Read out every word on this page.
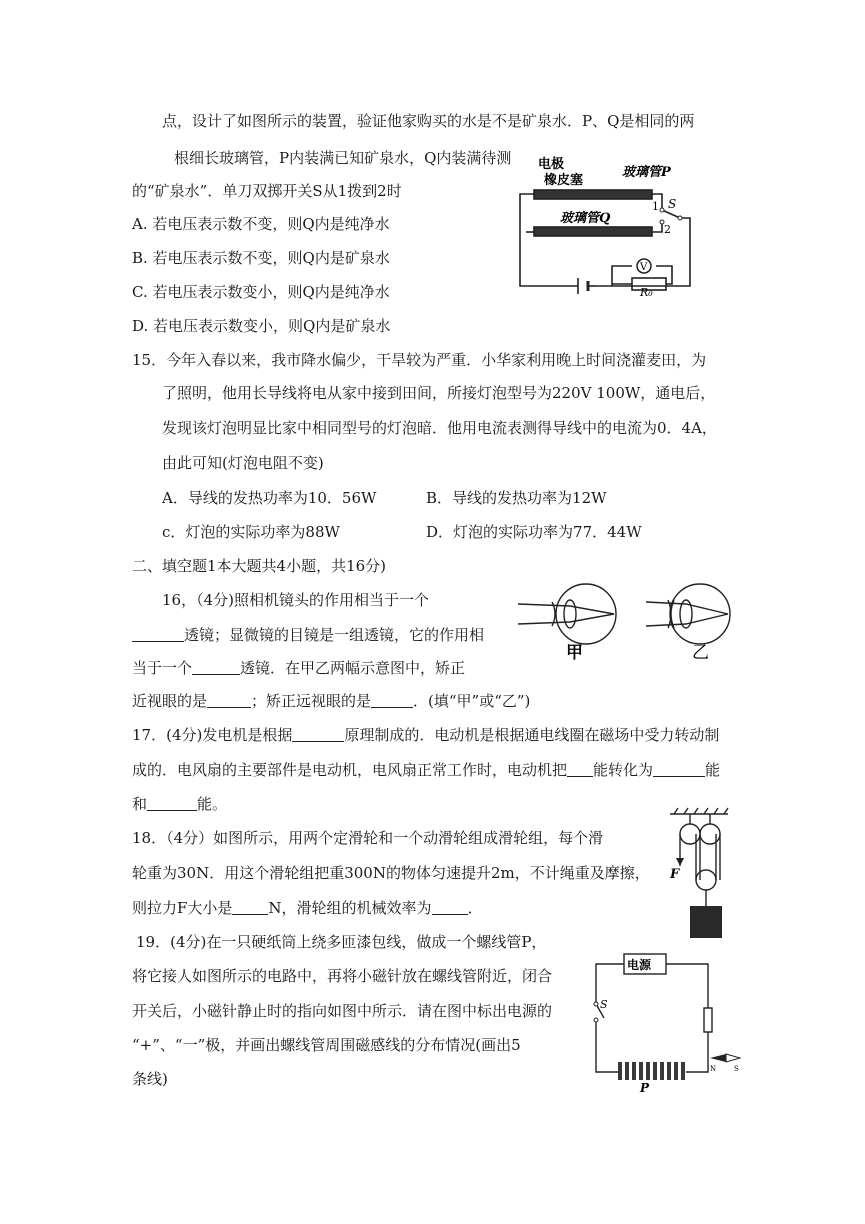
点，设计了如图所示的装置，验证他家购买的水是不是矿泉水．P、Q是相同的两
根细长玻璃管，P内装满已知矿泉水，Q内装满待测
的“矿泉水”．单刀双掷开关S从1拨到2时
A. 若电压表示数不变，则Q内是纯净水
B. 若电压表示数不变，则Q内是矿泉水
C. 若电压表示数变小，则Q内是纯净水
D. 若电压表示数变小，则Q内是矿泉水
电极
橡皮塞
玻璃管P
玻璃管Q
S
1
2
V
R₀
15．今年入春以来，我市降水偏少，干旱较为严重．小华家利用晚上时间浇灌麦田，为
了照明，他用长导线将电从家中接到田间，所接灯泡型号为220V 100W，通电后，
发现该灯泡明显比家中相同型号的灯泡暗．他用电流表测得导线中的电流为0．4A，
由此可知(灯泡电阻不变)
A．导线的发热功率为10．56W	B．导线的发热功率为12W
c．灯泡的实际功率为88W	D．灯泡的实际功率为77．44W
二、填空题1本大题共4小题，共16分)
16，（4分)照相机镜头的作用相当于一个
透镜；显微镜的目镜是一组透镜，它的作用相
当于一个	透镜．在甲乙两幅示意图中，矫正
近视眼的是	；矫正远视眼的是	．(填“甲”或“乙”)
甲	乙
17．(4分)发电机是根据	原理制成的．电动机是根据通电线圈在磁场中受力转动制
成的．电风扇的主要部件是电动机，电风扇正常工作时，电动机把 能转化为	能
和	能。
18．（4分）如图所示，用两个定滑轮和一个动滑轮组成滑轮组，每个滑
轮重为30N．用这个滑轮组把重300N的物体匀速提升2m，不计绳重及摩擦，
则拉力F大小是 N，滑轮组的机械效率为 ．
F
19．(4分)在一只硬纸筒上绕多匝漆包线，做成一个螺线管P，
将它接人如图所示的电路中，再将小磁针放在螺线管附近，闭合
开关后，小磁针静止时的指向如图中所示．请在图中标出电源的
“+”、“一”极，并画出螺线管周围磁感线的分布情况(画出5
条线)
电源
S
P
N	S
